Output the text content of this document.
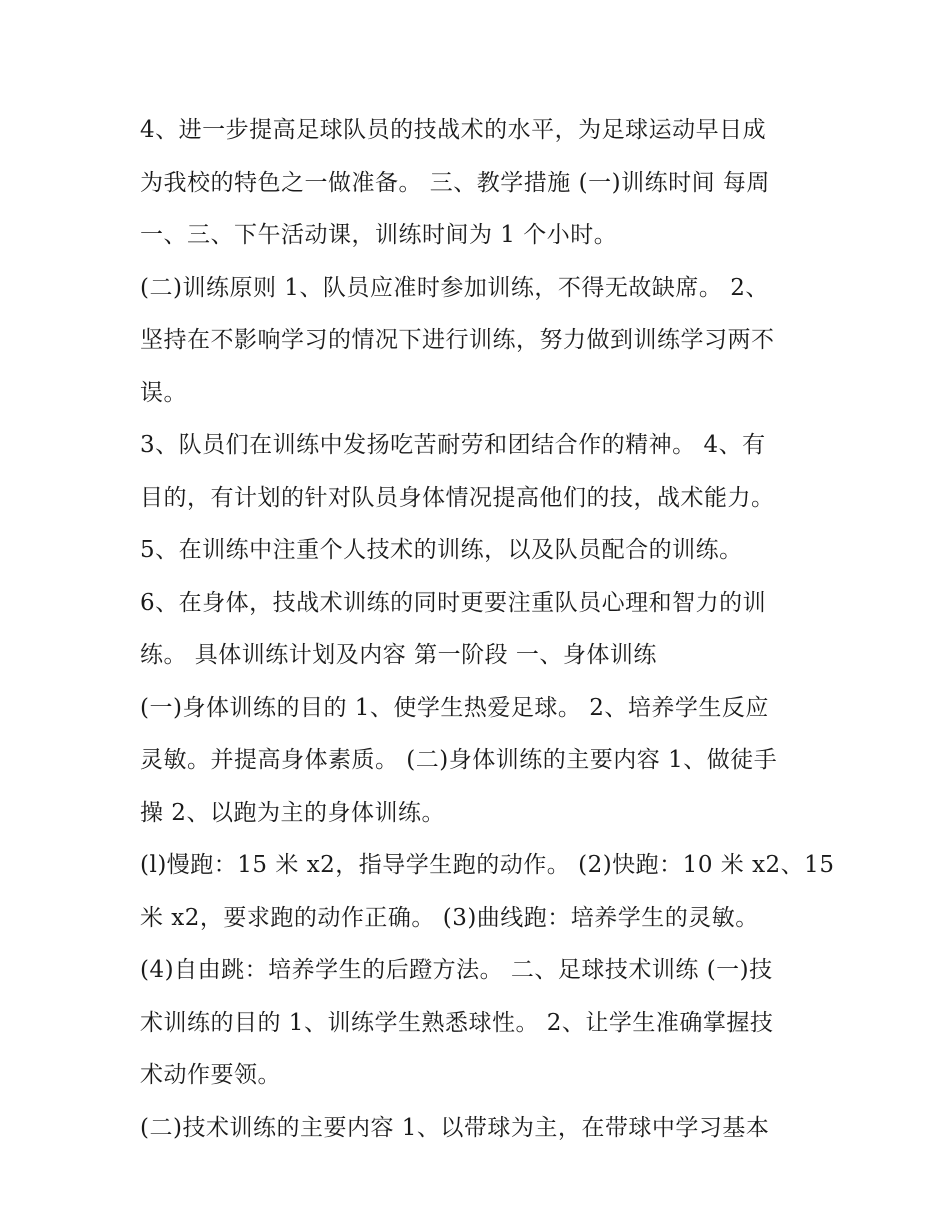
4、进一步提高足球队员的技战术的水平，为足球运动早日成
为我校的特色之一做准备。 三、教学措施 (一)训练时间 每周
一、三、下午活动课，训练时间为 1 个小时。

(二)训练原则 1、队员应准时参加训练，不得无故缺席。 2、
坚持在不影响学习的情况下进行训练，努力做到训练学习两不
误。

3、队员们在训练中发扬吃苦耐劳和团结合作的精神。 4、有
目的，有计划的针对队员身体情况提高他们的技，战术能力。

5、在训练中注重个人技术的训练，以及队员配合的训练。

6、在身体，技战术训练的同时更要注重队员心理和智力的训
练。 具体训练计划及内容 第一阶段 一、身体训练

(一)身体训练的目的 1、使学生热爱足球。 2、培养学生反应
灵敏。并提高身体素质。 (二)身体训练的主要内容 1、做徒手
操 2、以跑为主的身体训练。

(l)慢跑：15 米 x2，指导学生跑的动作。 (2)快跑：10 米 x2、15
米 x2，要求跑的动作正确。 (3)曲线跑：培养学生的灵敏。

(4)自由跳：培养学生的后蹬方法。 二、足球技术训练 (一)技
术训练的目的 1、训练学生熟悉球性。 2、让学生准确掌握技
术动作要领。

(二)技术训练的主要内容 1、以带球为主，在带球中学习基本
